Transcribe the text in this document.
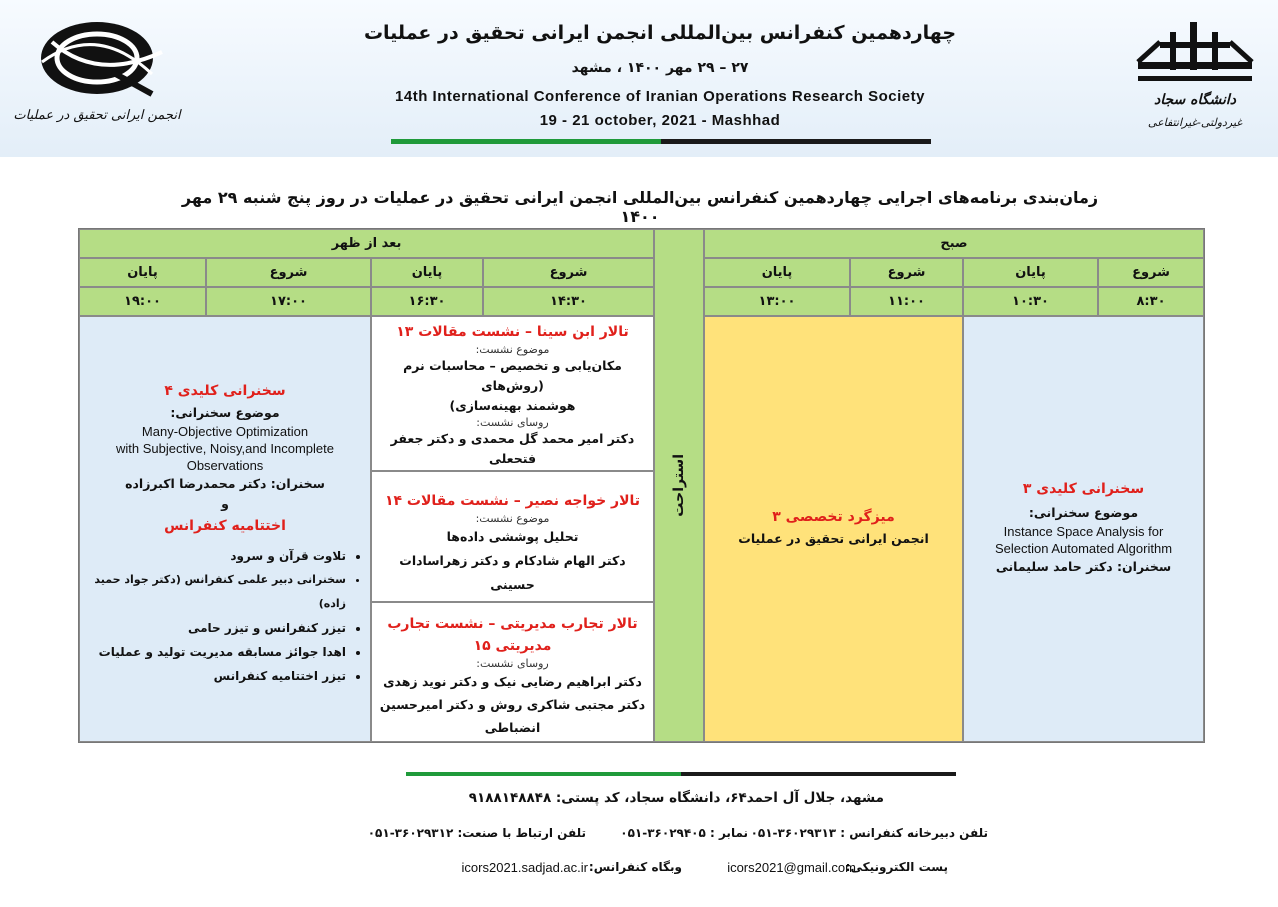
انجمن ایرانی تحقیق در عملیات
چهاردهمین کنفرانس بین‌المللی انجمن ایرانی تحقیق در عملیات
۲۷ – ۲۹ مهر ۱۴۰۰ ، مشهد
14th International Conference of Iranian Operations Research Society
19 - 21 october, 2021 - Mashhad
دانشگاه سجاد
غیردولتی-غیرانتفاعی
زمان‌بندی برنامه‌های اجرایی چهاردهمین کنفرانس بین‌المللی انجمن ایرانی تحقیق در عملیات در روز پنج شنبه ۲۹ مهر ۱۴۰۰
صبح
استراحت
بعد از ظهر
شروع
پایان
شروع
پایان
شروع
پایان
شروع
پایان
۸:۳۰
۱۰:۳۰
۱۱:۰۰
۱۳:۰۰
۱۴:۳۰
۱۶:۳۰
۱۷:۰۰
۱۹:۰۰
سخنرانی کلیدی ۳
موضوع سخنرانی:
Instance Space Analysis for
Selection Automated Algorithm
سخنران: دکتر حامد سلیمانی
میزگرد تخصصی ۳
انجمن ایرانی تحقیق در عملیات
تالار ابن سینا – نشست مقالات ۱۳
موضوع نشست:
مکان‌یابی و تخصیص – محاسبات نرم (روش‌های
هوشمند بهینه‌سازی)
روسای نشست:
دکتر امیر محمد گل محمدی و دکتر جعفر فتحعلی
تالار خواجه نصیر – نشست مقالات ۱۴
موضوع نشست:
تحلیل پوششی داده‌ها
دکتر الهام شادکام و دکتر زهراسادات حسینی
تالار تجارب مدیریتی – نشست تجارب مدیریتی ۱۵
روسای نشست:
دکتر ابراهیم رضایی نیک و دکتر نوید زهدی
دکتر مجتبی شاکری روش و دکتر امیرحسین
انضباطی
سخنرانی کلیدی ۴
موضوع سخنرانی:
Many-Objective Optimization
with Subjective, Noisy,and Incomplete
Observations
سخنران: دکتر محمدرضا اکبرزاده
و
اختتامیه کنفرانس
• تلاوت قرآن و سرود
• سخنرانی دبیر علمی کنفرانس (دکتر جواد حمید زاده)
• تیزر کنفرانس و تیزر حامی
• اهدا جوائز مسابقه مدیریت تولید و عملیات
• تیزر اختتامیه کنفرانس
مشهد، جلال آل احمد۶۴، دانشگاه سجاد، کد پستی: ۹۱۸۸۱۴۸۸۴۸
تلفن دبیرخانه کنفرانس : ۳۶۰۲۹۳۱۳-۰۵۱
نمابر : ۳۶۰۲۹۴۰۵-۰۵۱
تلفن ارتباط با صنعت: ۳۶۰۲۹۳۱۲-۰۵۱
پست الکترونیکی:
icors2021@gmail.com
وبگاه کنفرانس:
icors2021.sadjad.ac.ir
